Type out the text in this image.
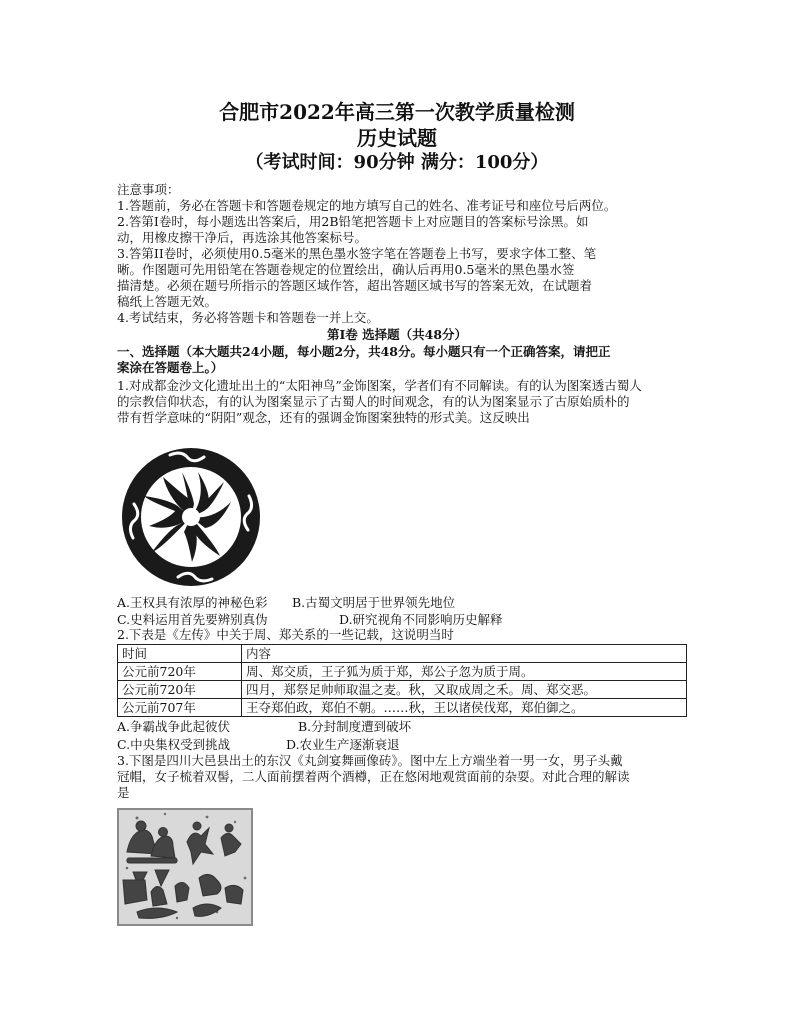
合肥市2022年高三第一次教学质量检测
历史试题
（考试时间：90分钟 满分：100分）
注意事项：
1.答题前，务必在答题卡和答题卷规定的地方填写自己的姓名、准考证号和座位号后两位。
2.答第I卷时，每小题选出答案后，用2B铅笔把答题卡上对应题目的答案标号涂黑。如
动，用橡皮擦干净后，再选涂其他答案标号。
3.答第II卷时，必须使用0.5毫米的黑色墨水签字笔在答题卷上书写，要求字体工整、笔
晰。作图题可先用铅笔在答题卷规定的位置绘出，确认后再用0.5毫米的黑色墨水签
描清楚。必须在题号所指示的答题区域作答，超出答题区域书写的答案无效，在试题着
稿纸上答题无效。
4.考试结束，务必将答题卡和答题卷一并上交。
第I卷 选择题（共48分）
一、选择题（本大题共24小题，每小题2分，共48分。每小题只有一个正确答案，请把正
案涂在答题卷上。）
1.对成都金沙文化遗址出土的“太阳神鸟”金饰图案，学者们有不同解读。有的认为图案透古蜀人
的宗教信仰状态，有的认为图案显示了古蜀人的时间观念，有的认为图案显示了古原始质朴的
带有哲学意味的“阴阳”观念，还有的强调金饰图案独特的形式美。这反映出
A.王权具有浓厚的神秘色彩 B.古蜀文明居于世界领先地位
C.史料运用首先要辨别真伪	D.研究视角不同影响历史解释
2.下表是《左传》中关于周、郑关系的一些记载，这说明当时
时间	内容
公元前720年	周、郑交质，王子狐为质于郑，郑公子忽为质于周。
公元前720年	四月，郑祭足帅师取温之麦。秋，又取成周之禾。周、郑交恶。
公元前707年	王夺郑伯政，郑伯不朝。……秋，王以诸侯伐郑，郑伯御之。
A.争霸战争此起彼伏	B.分封制度遭到破坏
C.中央集权受到挑战	D.农业生产逐渐衰退
3.下图是四川大邑县出土的东汉《丸剑宴舞画像砖》。图中左上方端坐着一男一女，男子头戴
冠帽，女子梳着双髻，二人面前摆着两个酒樽，正在悠闲地观赏面前的杂耍。对此合理的解读
是
